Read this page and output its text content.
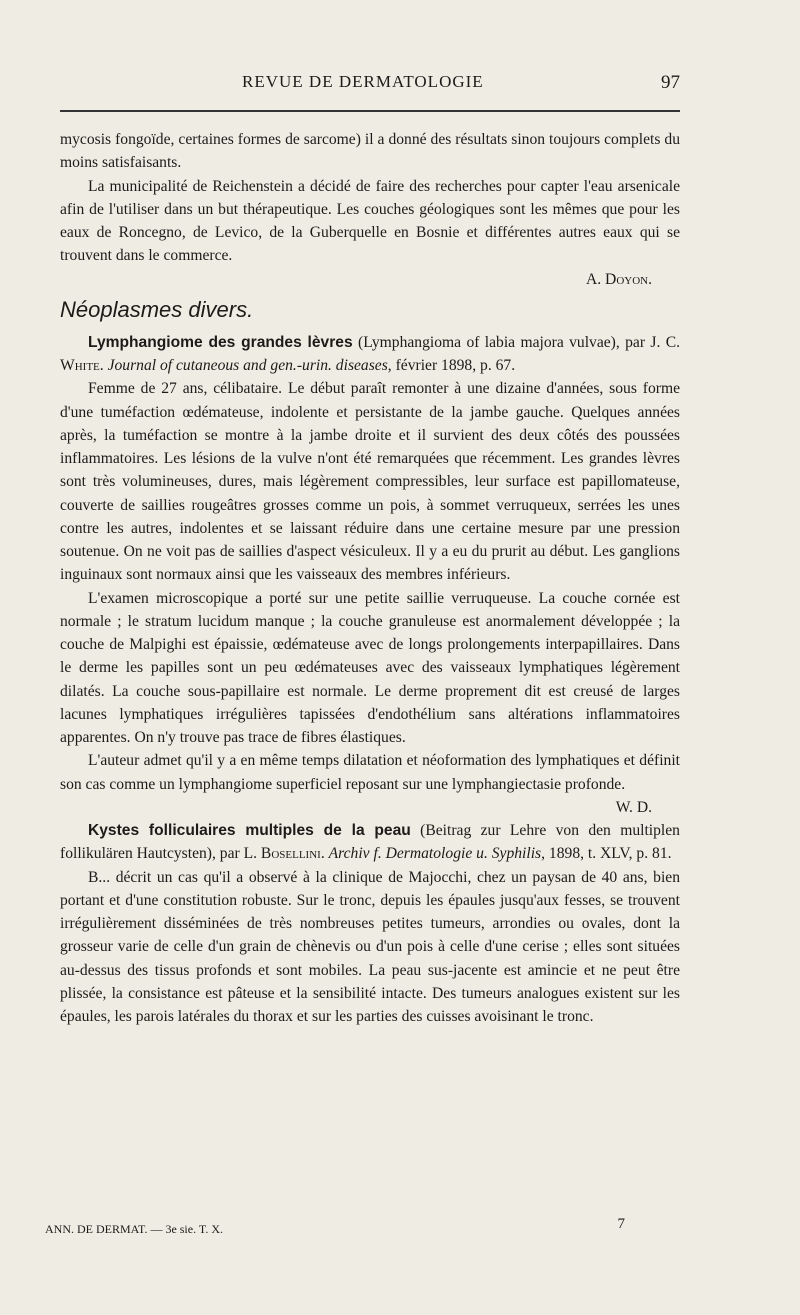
REVUE DE DERMATOLOGIE	97

mycosis fongoïde, certaines formes de sarcome) il a donné des résultats sinon toujours complets du moins satisfaisants.

La municipalité de Reichenstein a décidé de faire des recherches pour capter l'eau arsenicale afin de l'utiliser dans un but thérapeutique. Les couches géologiques sont les mêmes que pour les eaux de Roncegno, de Levico, de la Guberquelle en Bosnie et différentes autres eaux qui se trouvent dans le commerce.

A. Doyon.

Néoplasmes divers.

Lymphangiome des grandes lèvres (Lymphangioma of labia majora vulvae), par J. C. White. Journal of cutaneous and gen.-urin. diseases, février 1898, p. 67.

Femme de 27 ans, célibataire. Le début paraît remonter à une dizaine d'années, sous forme d'une tuméfaction œdémateuse, indolente et persistante de la jambe gauche. Quelques années après, la tuméfaction se montre à la jambe droite et il survient des deux côtés des poussées inflammatoires. Les lésions de la vulve n'ont été remarquées que récemment. Les grandes lèvres sont très volumineuses, dures, mais légèrement compressibles, leur surface est papillomateuse, couverte de saillies rougeâtres grosses comme un pois, à sommet verruqueux, serrées les unes contre les autres, indolentes et se laissant réduire dans une certaine mesure par une pression soutenue. On ne voit pas de saillies d'aspect vésiculeux. Il y a eu du prurit au début. Les ganglions inguinaux sont normaux ainsi que les vaisseaux des membres inférieurs.

L'examen microscopique a porté sur une petite saillie verruqueuse. La couche cornée est normale ; le stratum lucidum manque ; la couche granuleuse est anormalement développée ; la couche de Malpighi est épaissie, œdémateuse avec de longs prolongements interpapillaires. Dans le derme les papilles sont un peu œdémateuses avec des vaisseaux lymphatiques légèrement dilatés. La couche sous-papillaire est normale. Le derme proprement dit est creusé de larges lacunes lymphatiques irrégulières tapissées d'endothélium sans altérations inflammatoires apparentes. On n'y trouve pas trace de fibres élastiques.

L'auteur admet qu'il y a en même temps dilatation et néoformation des lymphatiques et définit son cas comme un lymphangiome superficiel reposant sur une lymphangiectasie profonde.

W. D.

Kystes folliculaires multiples de la peau (Beitrag zur Lehre von den multiplen follikulären Hautcysten), par L. Bosellini. Archiv f. Dermatologie u. Syphilis, 1898, t. XLV, p. 81.

B... décrit un cas qu'il a observé à la clinique de Majocchi, chez un paysan de 40 ans, bien portant et d'une constitution robuste. Sur le tronc, depuis les épaules jusqu'aux fesses, se trouvent irrégulièrement disséminées de très nombreuses petites tumeurs, arrondies ou ovales, dont la grosseur varie de celle d'un grain de chènevis ou d'un pois à celle d'une cerise ; elles sont situées au-dessus des tissus profonds et sont mobiles. La peau sus-jacente est amincie et ne peut être plissée, la consistance est pâteuse et la sensibilité intacte. Des tumeurs analogues existent sur les épaules, les parois latérales du thorax et sur les parties des cuisses avoisinant le tronc.

ANN. DE DERMAT. — 3e sie. T. X.	7
